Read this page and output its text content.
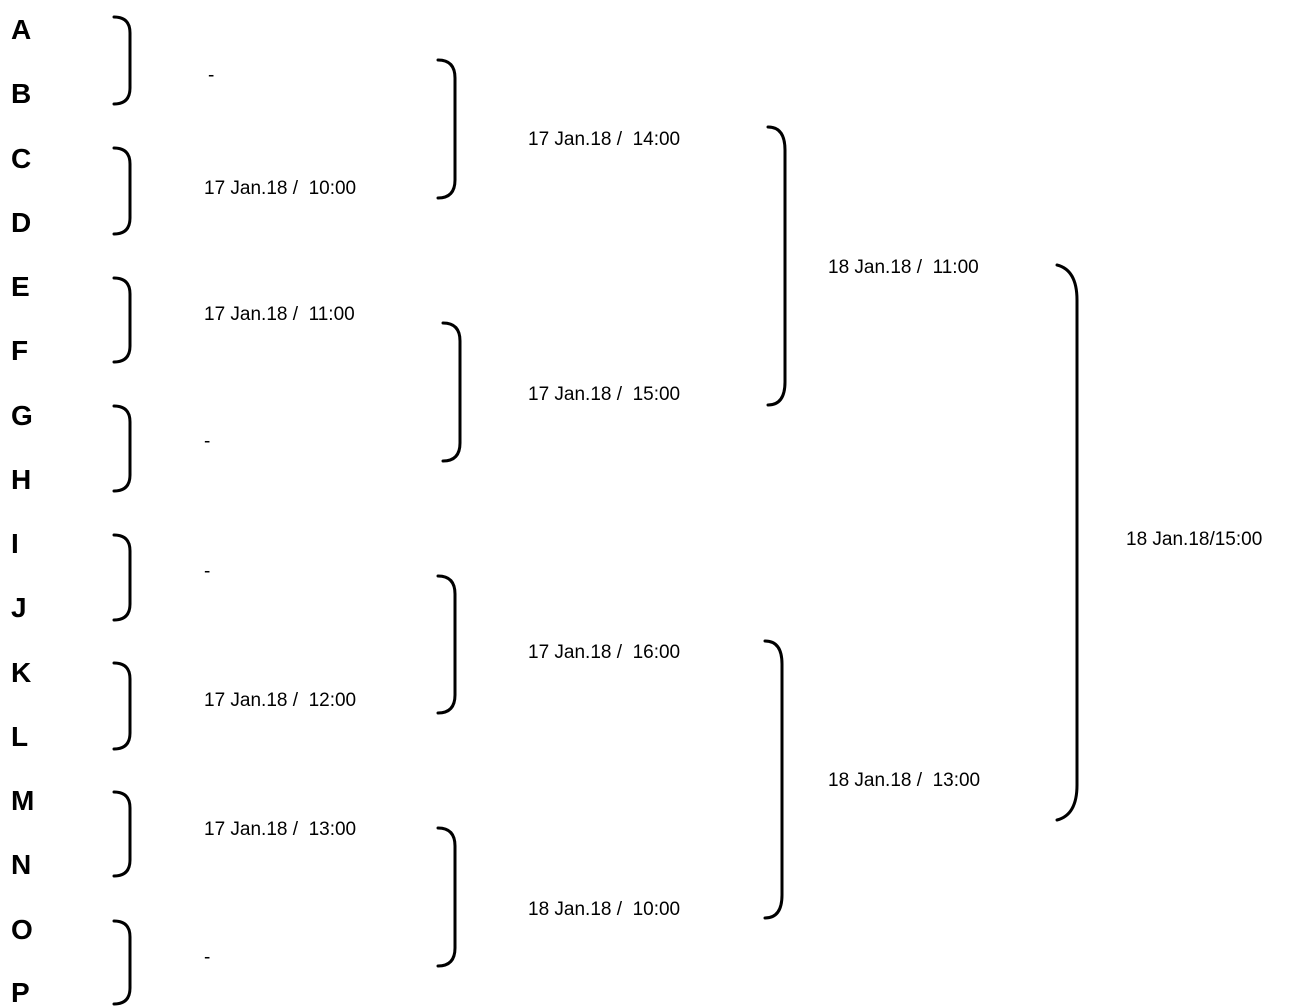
A
B
C
D
E
F
G
H
I
J
K
L
M
N
O
P
-
17 Jan.18 /  10:00
17 Jan.18 /  11:00
-
-
17 Jan.18 /  12:00
17 Jan.18 /  13:00
-
17 Jan.18 /  14:00
17 Jan.18 /  15:00
17 Jan.18 /  16:00
18 Jan.18 /  10:00
18 Jan.18 /  11:00
18 Jan.18 /  13:00
18 Jan.18/15:00
